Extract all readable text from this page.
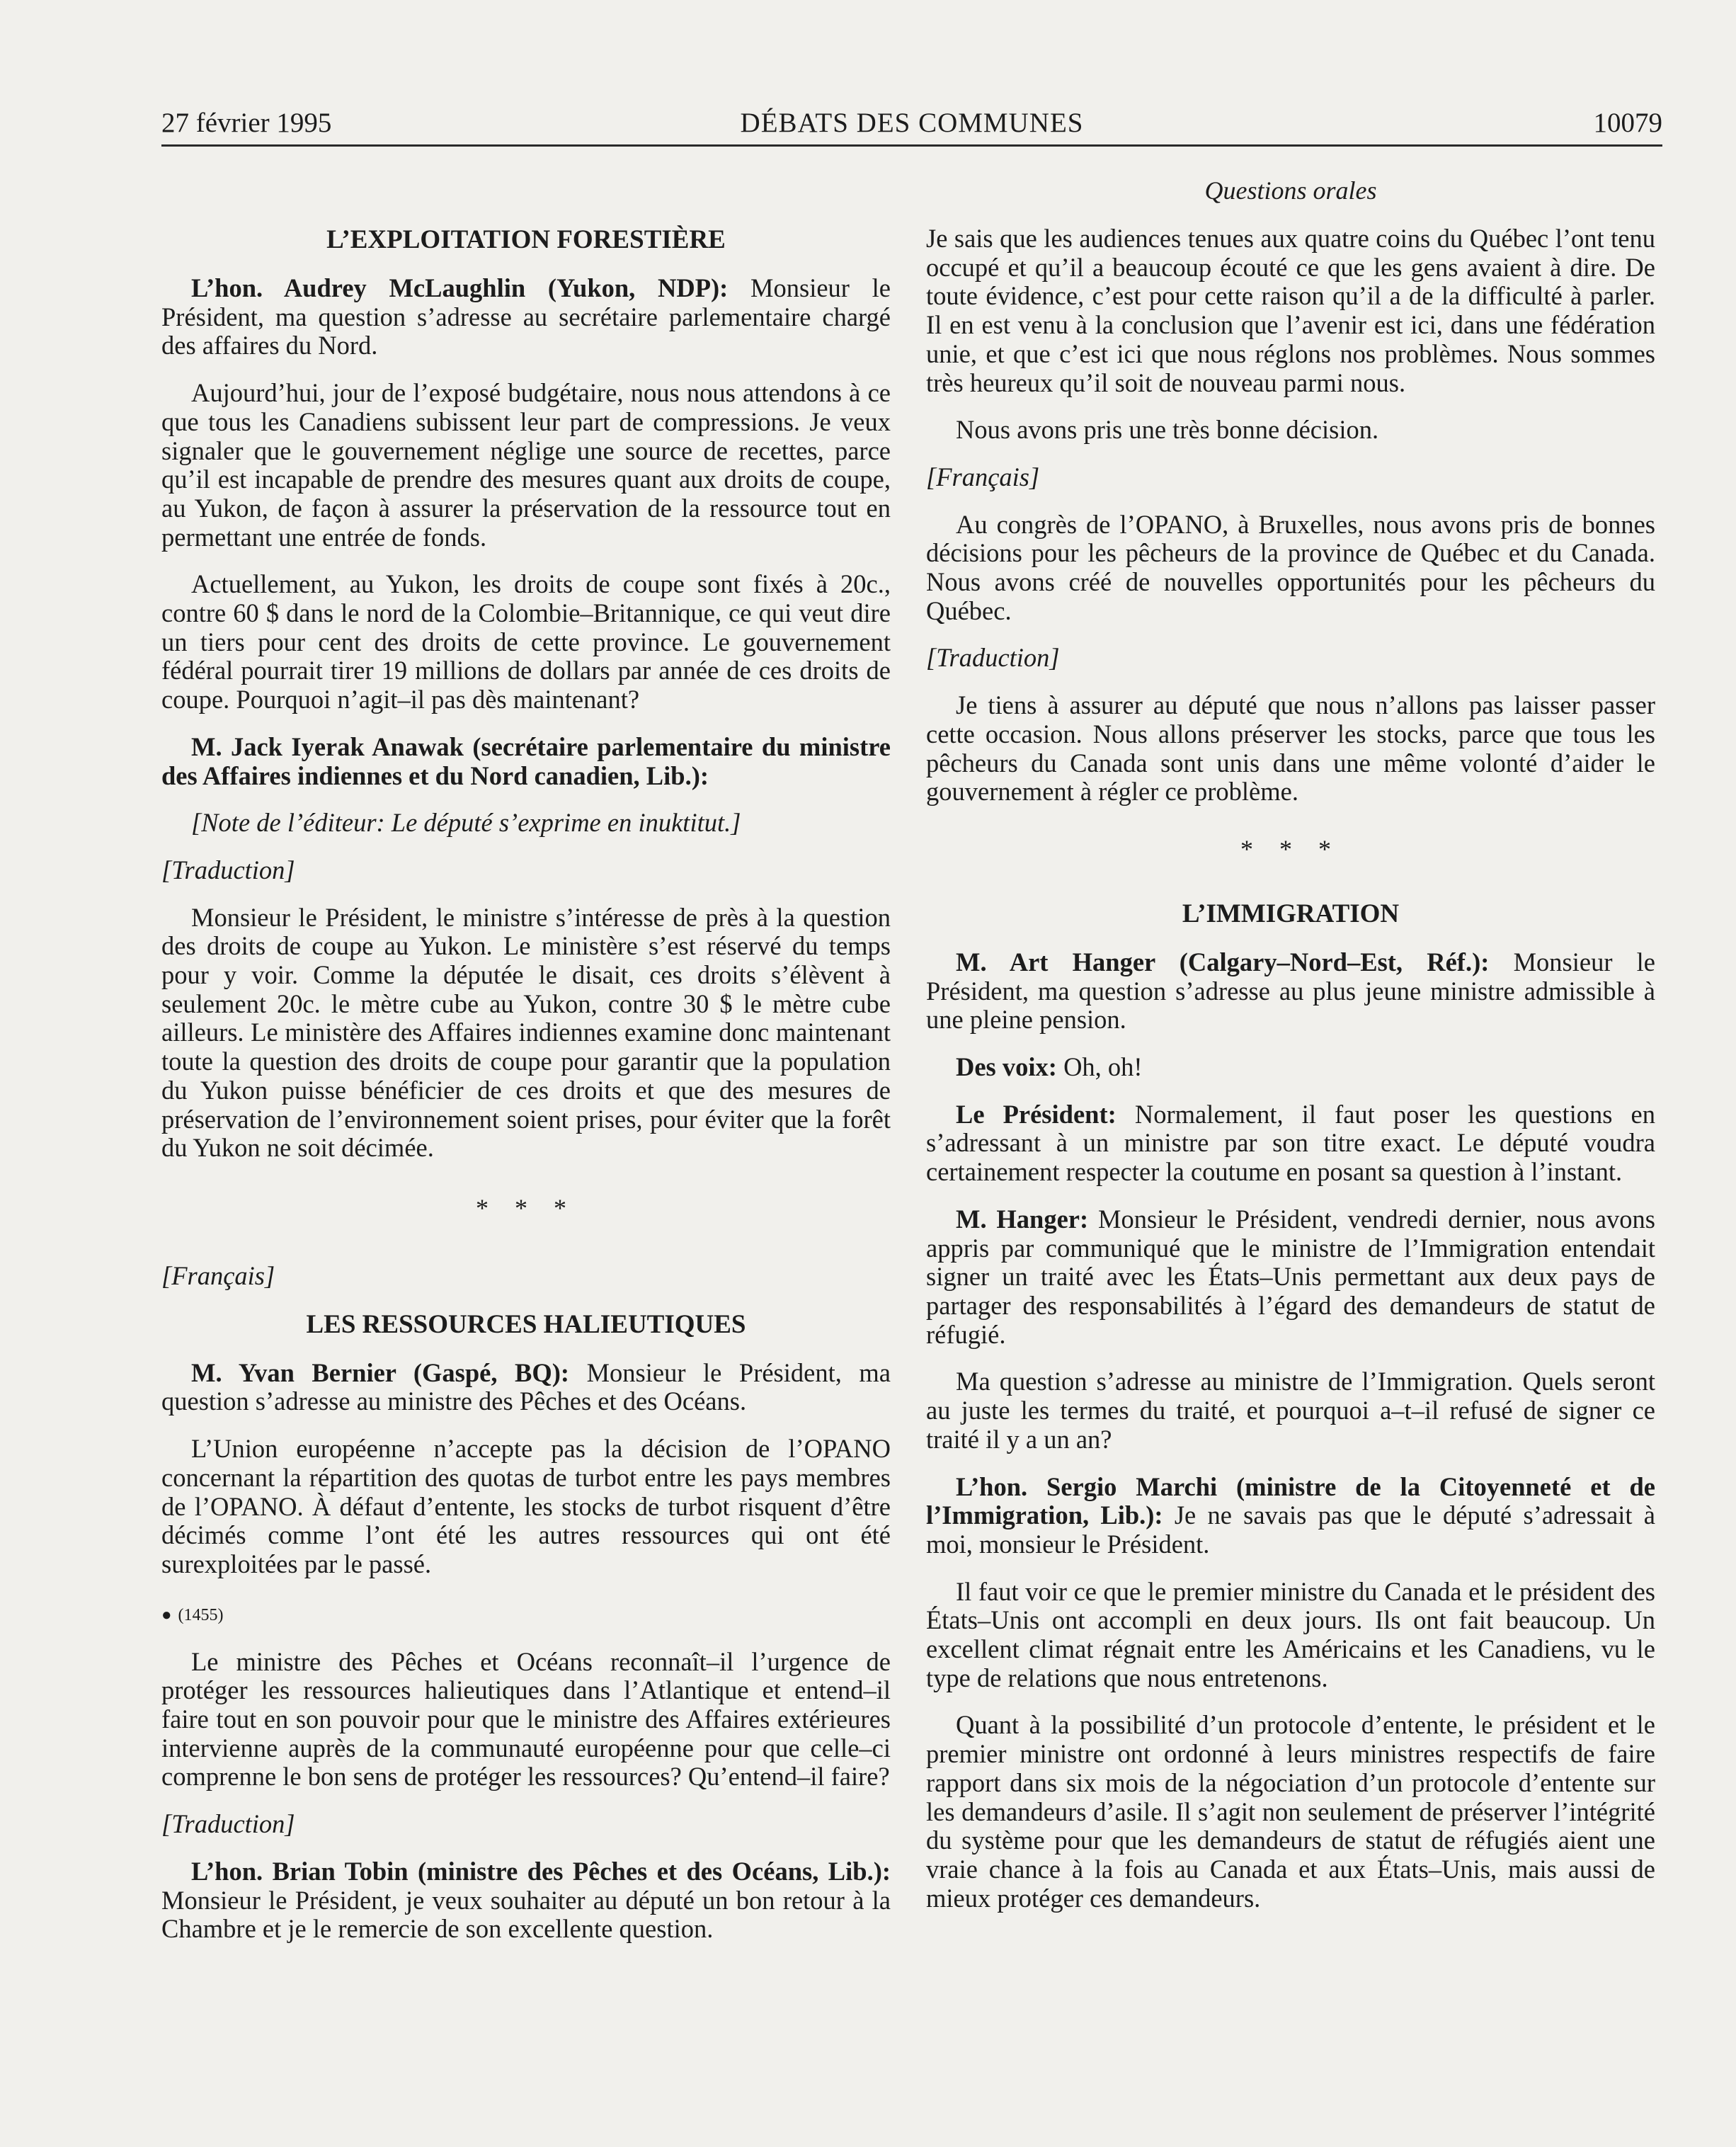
27 février 1995	DÉBATS DES COMMUNES	10079
L’EXPLOITATION FORESTIÈRE

L’hon. Audrey McLaughlin (Yukon, NDP): Monsieur le Président, ma question s’adresse au secrétaire parlementaire chargé des affaires du Nord.

Aujourd’hui, jour de l’exposé budgétaire, nous nous attendons à ce que tous les Canadiens subissent leur part de compressions. Je veux signaler que le gouvernement néglige une source de recettes, parce qu’il est incapable de prendre des mesures quant aux droits de coupe, au Yukon, de façon à assurer la préservation de la ressource tout en permettant une entrée de fonds.

Actuellement, au Yukon, les droits de coupe sont fixés à 20c., contre 60 $ dans le nord de la Colombie–Britannique, ce qui veut dire un tiers pour cent des droits de cette province. Le gouvernement fédéral pourrait tirer 19 millions de dollars par année de ces droits de coupe. Pourquoi n’agit–il pas dès maintenant?

M. Jack Iyerak Anawak (secrétaire parlementaire du ministre des Affaires indiennes et du Nord canadien, Lib.):

[Note de l’éditeur: Le député s’exprime en inuktitut.]

[Traduction]

Monsieur le Président, le ministre s’intéresse de près à la question des droits de coupe au Yukon. Le ministère s’est réservé du temps pour y voir. Comme la députée le disait, ces droits s’élèvent à seulement 20c. le mètre cube au Yukon, contre 30 $ le mètre cube ailleurs. Le ministère des Affaires indiennes examine donc maintenant toute la question des droits de coupe pour garantir que la population du Yukon puisse bénéficier de ces droits et que des mesures de préservation de l’environnement soient prises, pour éviter que la forêt du Yukon ne soit décimée.

* * *

[Français]

LES RESSOURCES HALIEUTIQUES

M. Yvan Bernier (Gaspé, BQ): Monsieur le Président, ma question s’adresse au ministre des Pêches et des Océans.

L’Union européenne n’accepte pas la décision de l’OPANO concernant la répartition des quotas de turbot entre les pays membres de l’OPANO. À défaut d’entente, les stocks de turbot risquent d’être décimés comme l’ont été les autres ressources qui ont été surexploitées par le passé.

● (1455)

Le ministre des Pêches et Océans reconnaît–il l’urgence de protéger les ressources halieutiques dans l’Atlantique et entend–il faire tout en son pouvoir pour que le ministre des Affaires extérieures intervienne auprès de la communauté européenne pour que celle–ci comprenne le bon sens de protéger les ressources? Qu’entend–il faire?

[Traduction]

L’hon. Brian Tobin (ministre des Pêches et des Océans, Lib.): Monsieur le Président, je veux souhaiter au député un bon retour à la Chambre et je le remercie de son excellente question.

Questions orales

Je sais que les audiences tenues aux quatre coins du Québec l’ont tenu occupé et qu’il a beaucoup écouté ce que les gens avaient à dire. De toute évidence, c’est pour cette raison qu’il a de la difficulté à parler. Il en est venu à la conclusion que l’avenir est ici, dans une fédération unie, et que c’est ici que nous réglons nos problèmes. Nous sommes très heureux qu’il soit de nouveau parmi nous.

Nous avons pris une très bonne décision.

[Français]

Au congrès de l’OPANO, à Bruxelles, nous avons pris de bonnes décisions pour les pêcheurs de la province de Québec et du Canada. Nous avons créé de nouvelles opportunités pour les pêcheurs du Québec.

[Traduction]

Je tiens à assurer au député que nous n’allons pas laisser passer cette occasion. Nous allons préserver les stocks, parce que tous les pêcheurs du Canada sont unis dans une même volonté d’aider le gouvernement à régler ce problème.

* * *
L’IMMIGRATION

M. Art Hanger (Calgary–Nord–Est, Réf.): Monsieur le Président, ma question s’adresse au plus jeune ministre admissible à une pleine pension.

Des voix: Oh, oh!

Le Président: Normalement, il faut poser les questions en s’adressant à un ministre par son titre exact. Le député voudra certainement respecter la coutume en posant sa question à l’instant.

M. Hanger: Monsieur le Président, vendredi dernier, nous avons appris par communiqué que le ministre de l’Immigration entendait signer un traité avec les États–Unis permettant aux deux pays de partager des responsabilités à l’égard des demandeurs de statut de réfugié.

Ma question s’adresse au ministre de l’Immigration. Quels seront au juste les termes du traité, et pourquoi a–t–il refusé de signer ce traité il y a un an?

L’hon. Sergio Marchi (ministre de la Citoyenneté et de l’Immigration, Lib.): Je ne savais pas que le député s’adressait à moi, monsieur le Président.

Il faut voir ce que le premier ministre du Canada et le président des États–Unis ont accompli en deux jours. Ils ont fait beaucoup. Un excellent climat régnait entre les Américains et les Canadiens, vu le type de relations que nous entretenons.

Quant à la possibilité d’un protocole d’entente, le président et le premier ministre ont ordonné à leurs ministres respectifs de faire rapport dans six mois de la négociation d’un protocole d’entente sur les demandeurs d’asile. Il s’agit non seulement de préserver l’intégrité du système pour que les demandeurs de statut de réfugiés aient une vraie chance à la fois au Canada et aux États–Unis, mais aussi de mieux protéger ces demandeurs.
